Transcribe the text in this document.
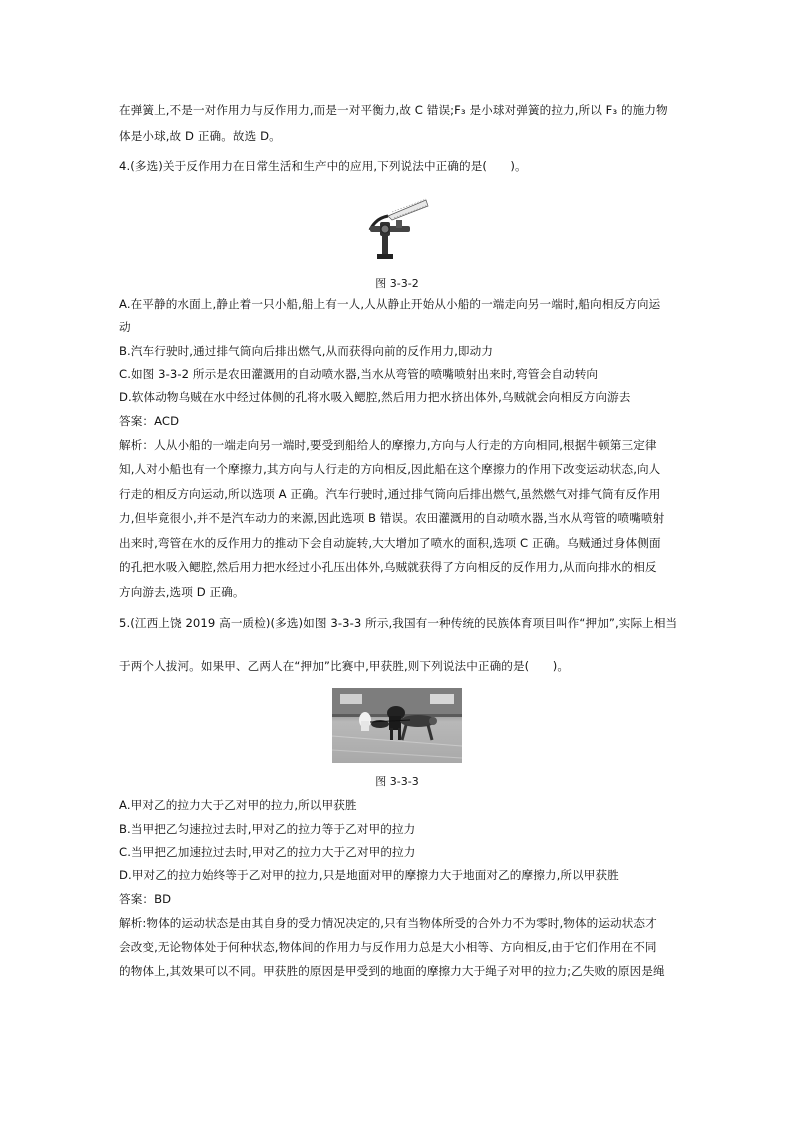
在弹簧上,不是一对作用力与反作用力,而是一对平衡力,故 C 错误;F₃ 是小球对弹簧的拉力,所以 F₃ 的施力物
体是小球,故 D 正确。故选 D。
4.(多选)关于反作用力在日常生活和生产中的应用,下列说法中正确的是(　　)。
图 3-3-2
A.在平静的水面上,静止着一只小船,船上有一人,人从静止开始从小船的一端走向另一端时,船向相反方向运
动
B.汽车行驶时,通过排气筒向后排出燃气,从而获得向前的反作用力,即动力
C.如图 3-3-2 所示是农田灌溉用的自动喷水器,当水从弯管的喷嘴喷射出来时,弯管会自动转向
D.软体动物乌贼在水中经过体侧的孔将水吸入鳃腔,然后用力把水挤出体外,乌贼就会向相反方向游去
答案：ACD
解析：人从小船的一端走向另一端时,要受到船给人的摩擦力,方向与人行走的方向相同,根据牛顿第三定律
知,人对小船也有一个摩擦力,其方向与人行走的方向相反,因此船在这个摩擦力的作用下改变运动状态,向人
行走的相反方向运动,所以选项 A 正确。汽车行驶时,通过排气筒向后排出燃气,虽然燃气对排气筒有反作用
力,但毕竟很小,并不是汽车动力的来源,因此选项 B 错误。农田灌溉用的自动喷水器,当水从弯管的喷嘴喷射
出来时,弯管在水的反作用力的推动下会自动旋转,大大增加了喷水的面积,选项 C 正确。乌贼通过身体侧面
的孔把水吸入鳃腔,然后用力把水经过小孔压出体外,乌贼就获得了方向相反的反作用力,从而向排水的相反
方向游去,选项 D 正确。
5.(江西上饶 2019 高一质检)(多选)如图 3-3-3 所示,我国有一种传统的民族体育项目叫作“押加”,实际上相当
于两个人拔河。如果甲、乙两人在“押加”比赛中,甲获胜,则下列说法中正确的是(　　)。
图 3-3-3
A.甲对乙的拉力大于乙对甲的拉力,所以甲获胜
B.当甲把乙匀速拉过去时,甲对乙的拉力等于乙对甲的拉力
C.当甲把乙加速拉过去时,甲对乙的拉力大于乙对甲的拉力
D.甲对乙的拉力始终等于乙对甲的拉力,只是地面对甲的摩擦力大于地面对乙的摩擦力,所以甲获胜
答案：BD
解析:物体的运动状态是由其自身的受力情况决定的,只有当物体所受的合外力不为零时,物体的运动状态才
会改变,无论物体处于何种状态,物体间的作用力与反作用力总是大小相等、方向相反,由于它们作用在不同
的物体上,其效果可以不同。甲获胜的原因是甲受到的地面的摩擦力大于绳子对甲的拉力;乙失败的原因是绳
